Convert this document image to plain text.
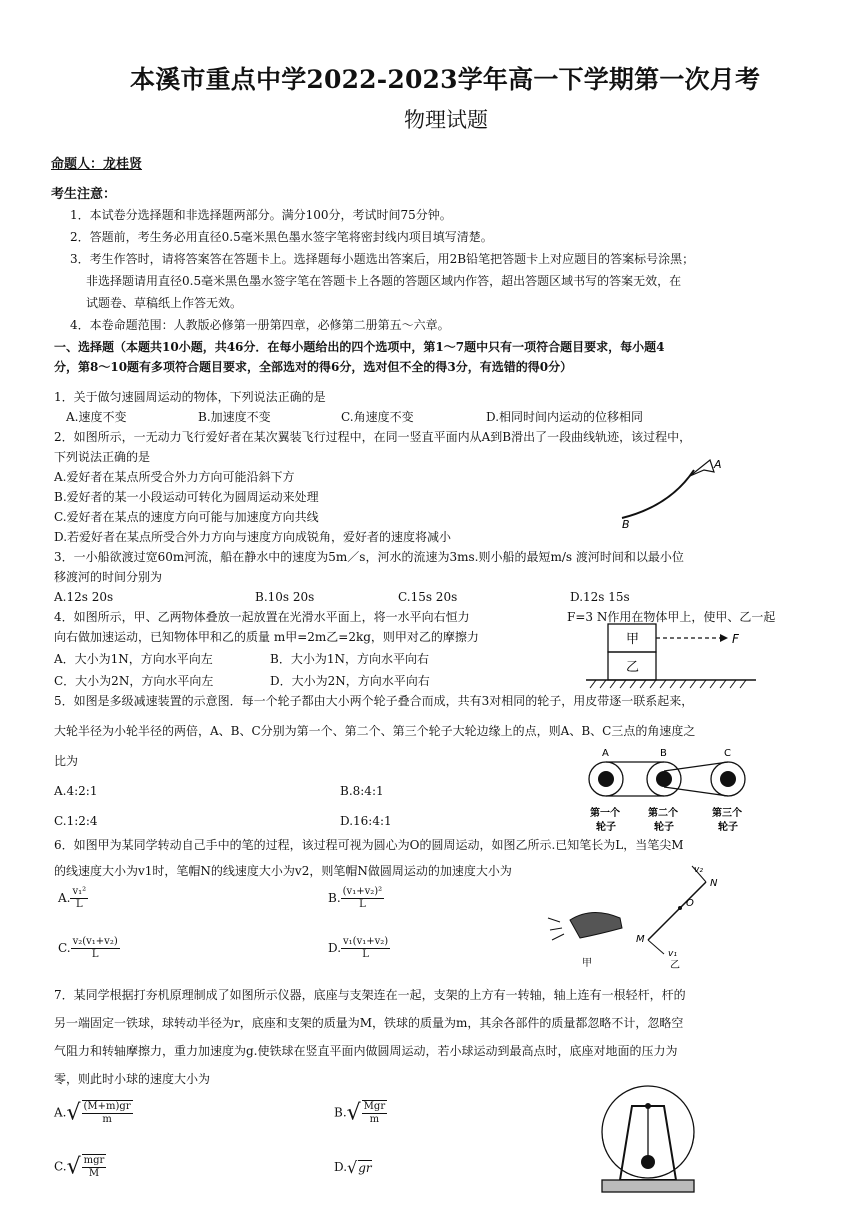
本溪市重点中学2022-2023学年高一下学期第一次月考
物理试题
命题人：龙桂贤
考生注意：
1．本试卷分选择题和非选择题两部分。满分100分，考试时间75分钟。
2．答题前，考生务必用直径0.5毫米黑色墨水签字笔将密封线内项目填写清楚。
3．考生作答时，请将答案答在答题卡上。选择题每小题选出答案后，用2B铅笔把答题卡上对应题目的答案标号涂黑；
非选择题请用直径0.5毫米黑色墨水签字笔在答题卡上各题的答题区域内作答，超出答题区域书写的答案无效，在
试题卷、草稿纸上作答无效。
4．本卷命题范围：人教版必修第一册第四章，必修第二册第五～六章。
一、选择题（本题共10小题，共46分．在每小题给出的四个选项中，第1～7题中只有一项符合题目要求，每小题4
分，第8～10题有多项符合题目要求，全部选对的得6分，选对但不全的得3分，有选错的得0分）
1．关于做匀速圆周运动的物体，下列说法正确的是
A.速度不变	B.加速度不变	C.角速度不变	D.相同时间内运动的位移相同
2．如图所示，一无动力飞行爱好者在某次翼装飞行过程中，在同一竖直平面内从A到B滑出了一段曲线轨迹，该过程中，
下列说法正确的是
A.爱好者在某点所受合外力方向可能沿斜下方
B.爱好者的某一小段运动可转化为圆周运动来处理
C.爱好者在某点的速度方向可能与加速度方向共线
D.若爱好者在某点所受合外力方向与速度方向成锐角，爱好者的速度将减小
A
B
3．一小船欲渡过宽60m河流，船在静水中的速度为5m／s，河水的流速为3ms.则小船的最短m/s 渡河时间和以最小位
移渡河的时间分别为
A.12s 20s	B.10s 20s	C.15s 20s	D.12s 15s
4．如图所示，甲、乙两物体叠放一起放置在光滑水平面上，将一水平向右恒力	F=3 N作用在物体甲上，使甲、乙一起
向右做加速运动，已知物体甲和乙的质量 m甲=2m乙=2kg，则甲对乙的摩擦力
A．大小为1N，方向水平向左	B．大小为1N，方向水平向右
C．大小为2N，方向水平向左	D．大小为2N，方向水平向右
甲
乙
F
5．如图是多级减速装置的示意图．每一个轮子都由大小两个轮子叠合而成，共有3对相同的轮子，用皮带逐一联系起来，
大轮半径为小轮半径的两倍，A、B、C分别为第一个、第二个、第三个轮子大轮边缘上的点，则A、B、C三点的角速度之
比为
A.4:2:1	B.8:4:1
C.1:2:4	D.16:4:1
A	B	C
第一个
轮子
第二个
轮子
第三个
轮子
6．如图甲为某同学转动自己手中的笔的过程，该过程可视为圆心为O的圆周运动，如图乙所示.已知笔长为L，当笔尖M
的线速度大小为v1时，笔帽N的线速度大小为v2，则笔帽N做圆周运动的加速度大小为
A. $\frac{\text{v₁²}}{L}$	B. $\frac{\text{(v₁+v₂)²}}{L}$
C. $\frac{\text{v₂(v₁+v₂)}}{L}$	D. $\frac{\text{v₁(v₁+v₂)}}{L}$
甲
N
O
M
v₁
v₂
乙
7．某同学根据打夯机原理制成了如图所示仪器，底座与支架连在一起，支架的上方有一转轴，轴上连有一根轻杆，杆的
另一端固定一铁球，球转动半径为r，底座和支架的质量为M，铁球的质量为m，其余各部件的质量都忽略不计，忽略空
气阻力和转轴摩擦力，重力加速度为g.使铁球在竖直平面内做圆周运动，若小球运动到最高点时，底座对地面的压力为
零，则此时小球的速度大小为
$A.√ \frac{(M+m)gr}{m}$	$B.√ \frac{\text{Mgr}}{m}$
$C.√ \frac{\text{mgr}}{M}$	D.√gr
